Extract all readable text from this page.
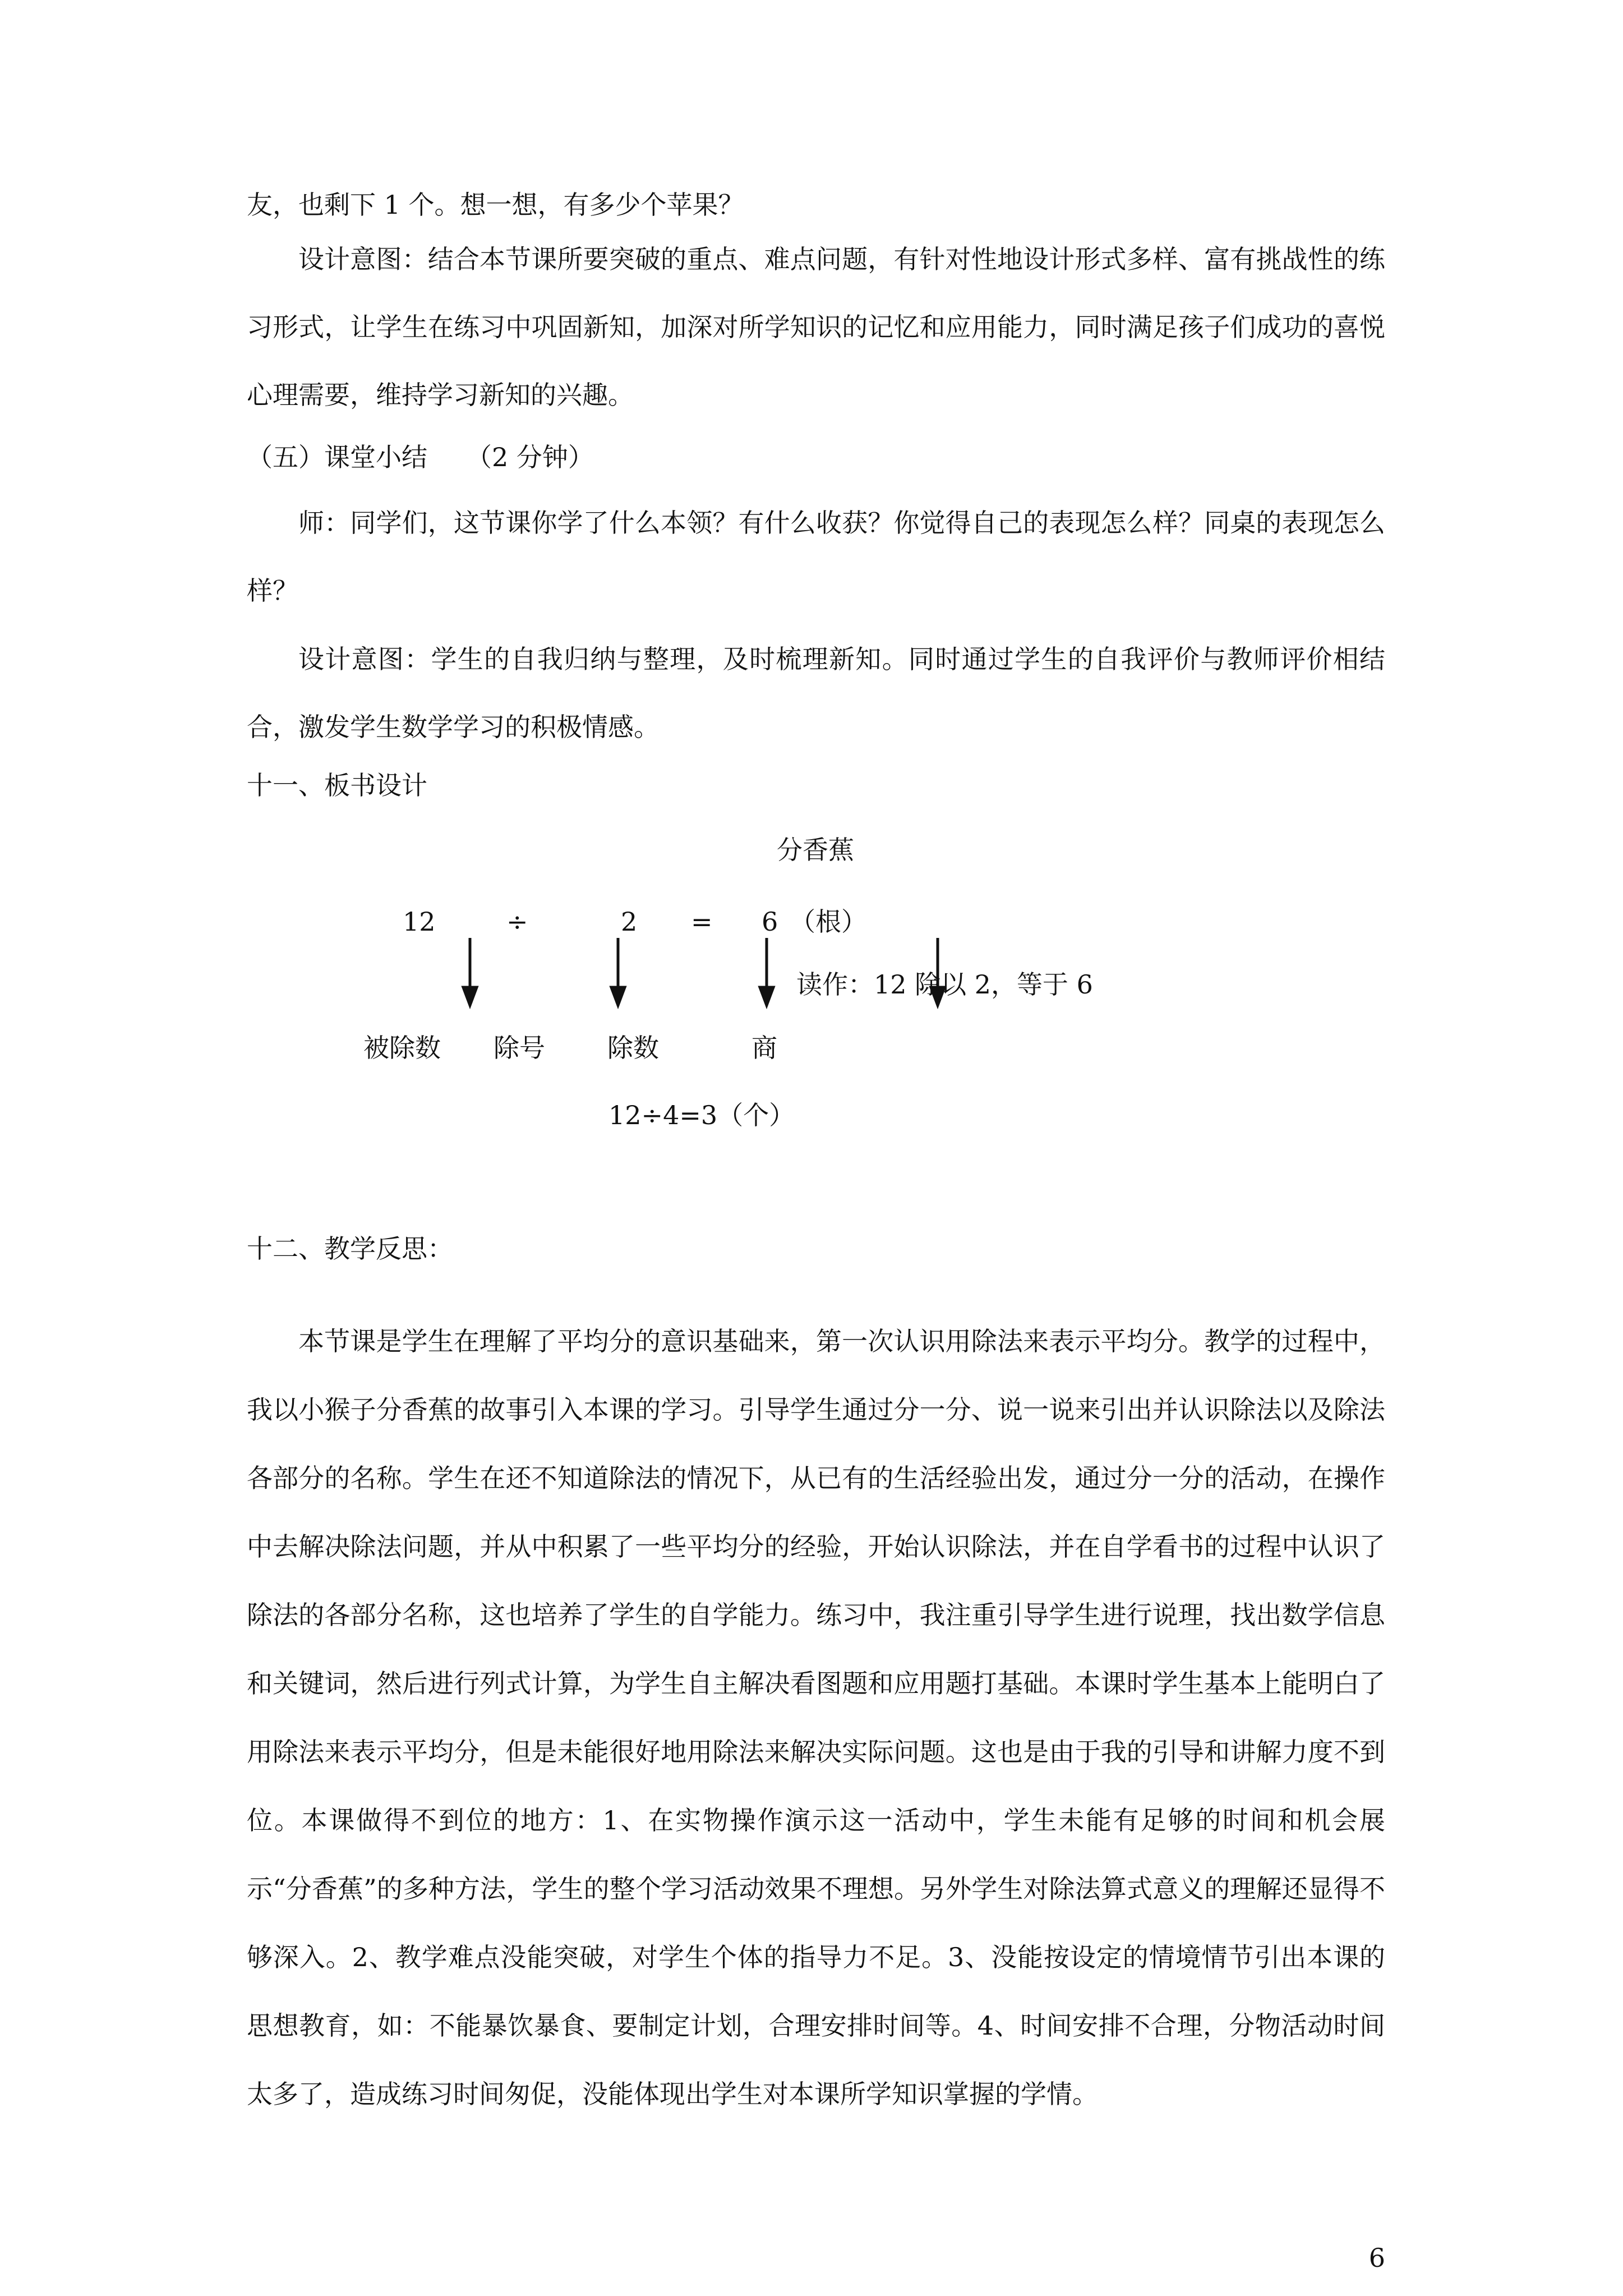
友，也剩下 1 个。想一想，有多少个苹果？

设计意图：结合本节课所要突破的重点、难点问题，有针对性地设计形式多样、富有挑战性的练习形式，让学生在练习中巩固新知，加深对所学知识的记忆和应用能力，同时满足孩子们成功的喜悦心理需要，维持学习新知的兴趣。

（五）课堂小结　　（2 分钟）

师：同学们，这节课你学了什么本领？有什么收获？你觉得自己的表现怎么样？同桌的表现怎么样？

设计意图：学生的自我归纳与整理，及时梳理新知。同时通过学生的自我评价与教师评价相结合，激发学生数学学习的积极情感。

十一、板书设计

分香蕉
12	÷	2 = 6 （根）
读作：12 除以 2，等于 6
被除数 除号 除数	商
12÷4=3（个）

十二、教学反思：

本节课是学生在理解了平均分的意识基础来，第一次认识用除法来表示平均分。教学的过程中，我以小猴子分香蕉的故事引入本课的学习。引导学生通过分一分、说一说来引出并认识除法以及除法各部分的名称。学生在还不知道除法的情况下，从已有的生活经验出发，通过分一分的活动，在操作中去解决除法问题，并从中积累了一些平均分的经验，开始认识除法，并在自学看书的过程中认识了除法的各部分名称，这也培养了学生的自学能力。练习中，我注重引导学生进行说理，找出数学信息和关键词，然后进行列式计算，为学生自主解决看图题和应用题打基础。本课时学生基本上能明白了用除法来表示平均分，但是未能很好地用除法来解决实际问题。这也是由于我的引导和讲解力度不到位。本课做得不到位的地方：1、在实物操作演示这一活动中，学生未能有足够的时间和机会展示“分香蕉”的多种方法，学生的整个学习活动效果不理想。另外学生对除法算式意义的理解还显得不够深入。2、教学难点没能突破，对学生个体的指导力不足。3、没能按设定的情境情节引出本课的思想教育，如：不能暴饮暴食、要制定计划，合理安排时间等。4、时间安排不合理，分物活动时间太多了，造成练习时间匆促，没能体现出学生对本课所学知识掌握的学情。

6
